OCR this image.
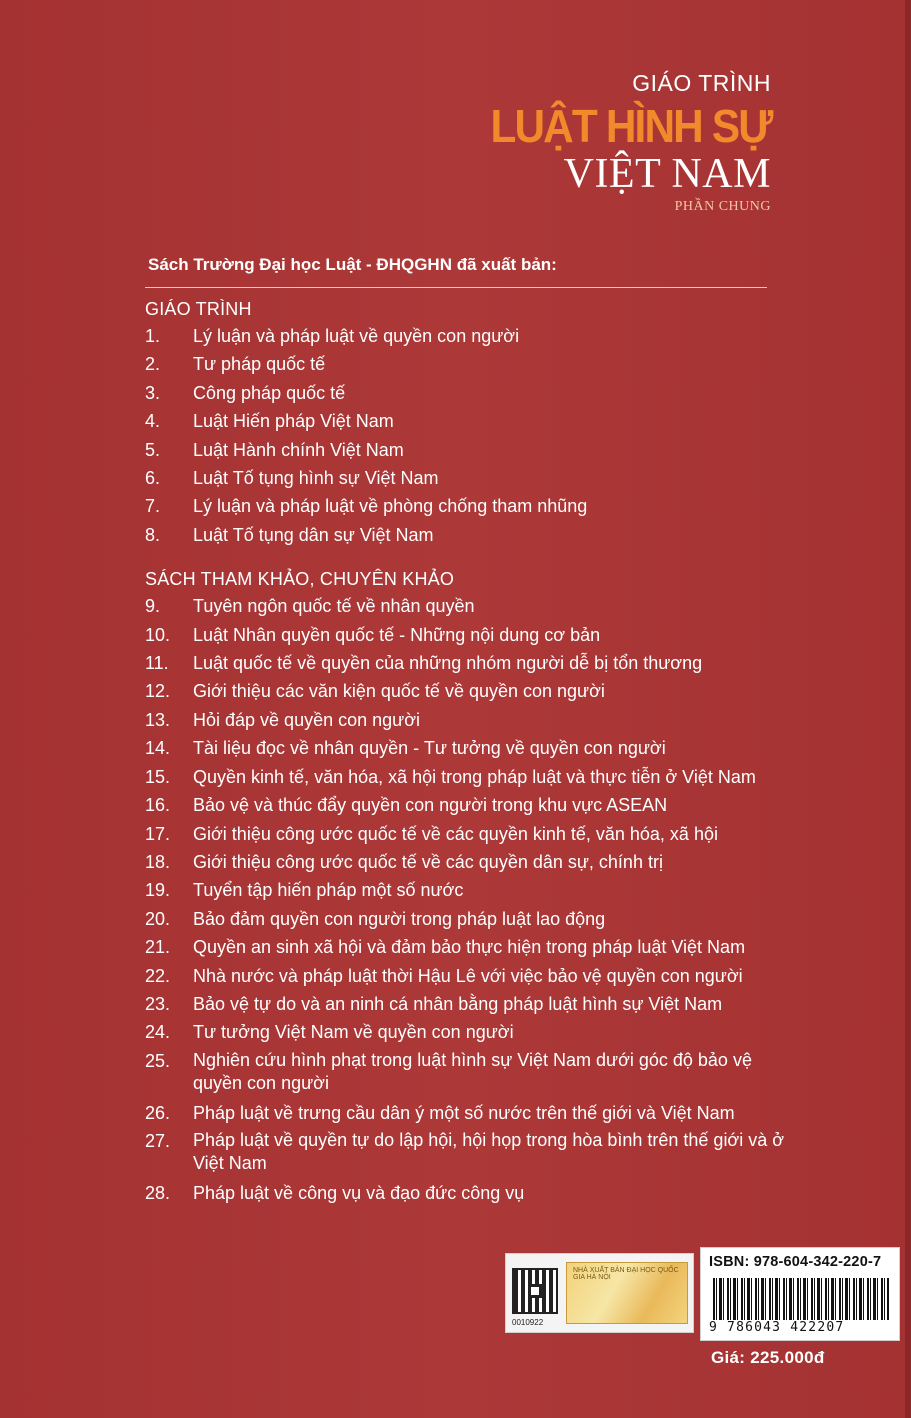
GIÁO TRÌNH
LUẬT HÌNH SỰ
VIỆT NAM
PHẦN CHUNG
Sách Trường Đại học Luật - ĐHQGHN đã xuất bản:
GIÁO TRÌNH
1.	Lý luận và pháp luật về quyền con người
2.	Tư pháp quốc tế
3.	Công pháp quốc tế
4.	Luật Hiến pháp Việt Nam
5.	Luật Hành chính Việt Nam
6.	Luật Tố tụng hình sự Việt Nam
7.	Lý luận và pháp luật về phòng chống tham nhũng
8.	Luật Tố tụng dân sự Việt Nam
SÁCH THAM KHẢO, CHUYÊN KHẢO
9.	Tuyên ngôn quốc tế về nhân quyền
10.	Luật Nhân quyền quốc tế - Những nội dung cơ bản
11.	Luật quốc tế về quyền của những nhóm người dễ bị tổn thương
12.	Giới thiệu các văn kiện quốc tế về quyền con người
13.	Hỏi đáp về quyền con người
14.	Tài liệu đọc về nhân quyền - Tư tưởng về quyền con người
15.	Quyền kinh tế, văn hóa, xã hội trong pháp luật và thực tiễn ở Việt Nam
16.	Bảo vệ và thúc đẩy quyền con người trong khu vực ASEAN
17.	Giới thiệu công ước quốc tế về các quyền kinh tế, văn hóa, xã hội
18.	Giới thiệu công ước quốc tế về các quyền dân sự, chính trị
19.	Tuyển tập hiến pháp một số nước
20.	Bảo đảm quyền con người trong pháp luật lao động
21.	Quyền an sinh xã hội và đảm bảo thực hiện trong pháp luật Việt Nam
22.	Nhà nước và pháp luật thời Hậu Lê với việc bảo vệ quyền con người
23.	Bảo vệ tự do và an ninh cá nhân bằng pháp luật hình sự Việt Nam
24.	Tư tưởng Việt Nam về quyền con người
25.	Nghiên cứu hình phạt trong luật hình sự Việt Nam dưới góc độ bảo vệ quyền con người
26.	Pháp luật về trưng cầu dân ý một số nước trên thế giới và Việt Nam
27.	Pháp luật về quyền tự do lập hội, hội họp trong hòa bình trên thế giới và ở Việt Nam
28.	Pháp luật về công vụ và đạo đức công vụ
NHÀ XUẤT BẢN ĐẠI HỌC QUỐC GIA HÀ NỘI
0010922
ISBN: 978-604-342-220-7
9 786043 422207
Giá: 225.000đ
